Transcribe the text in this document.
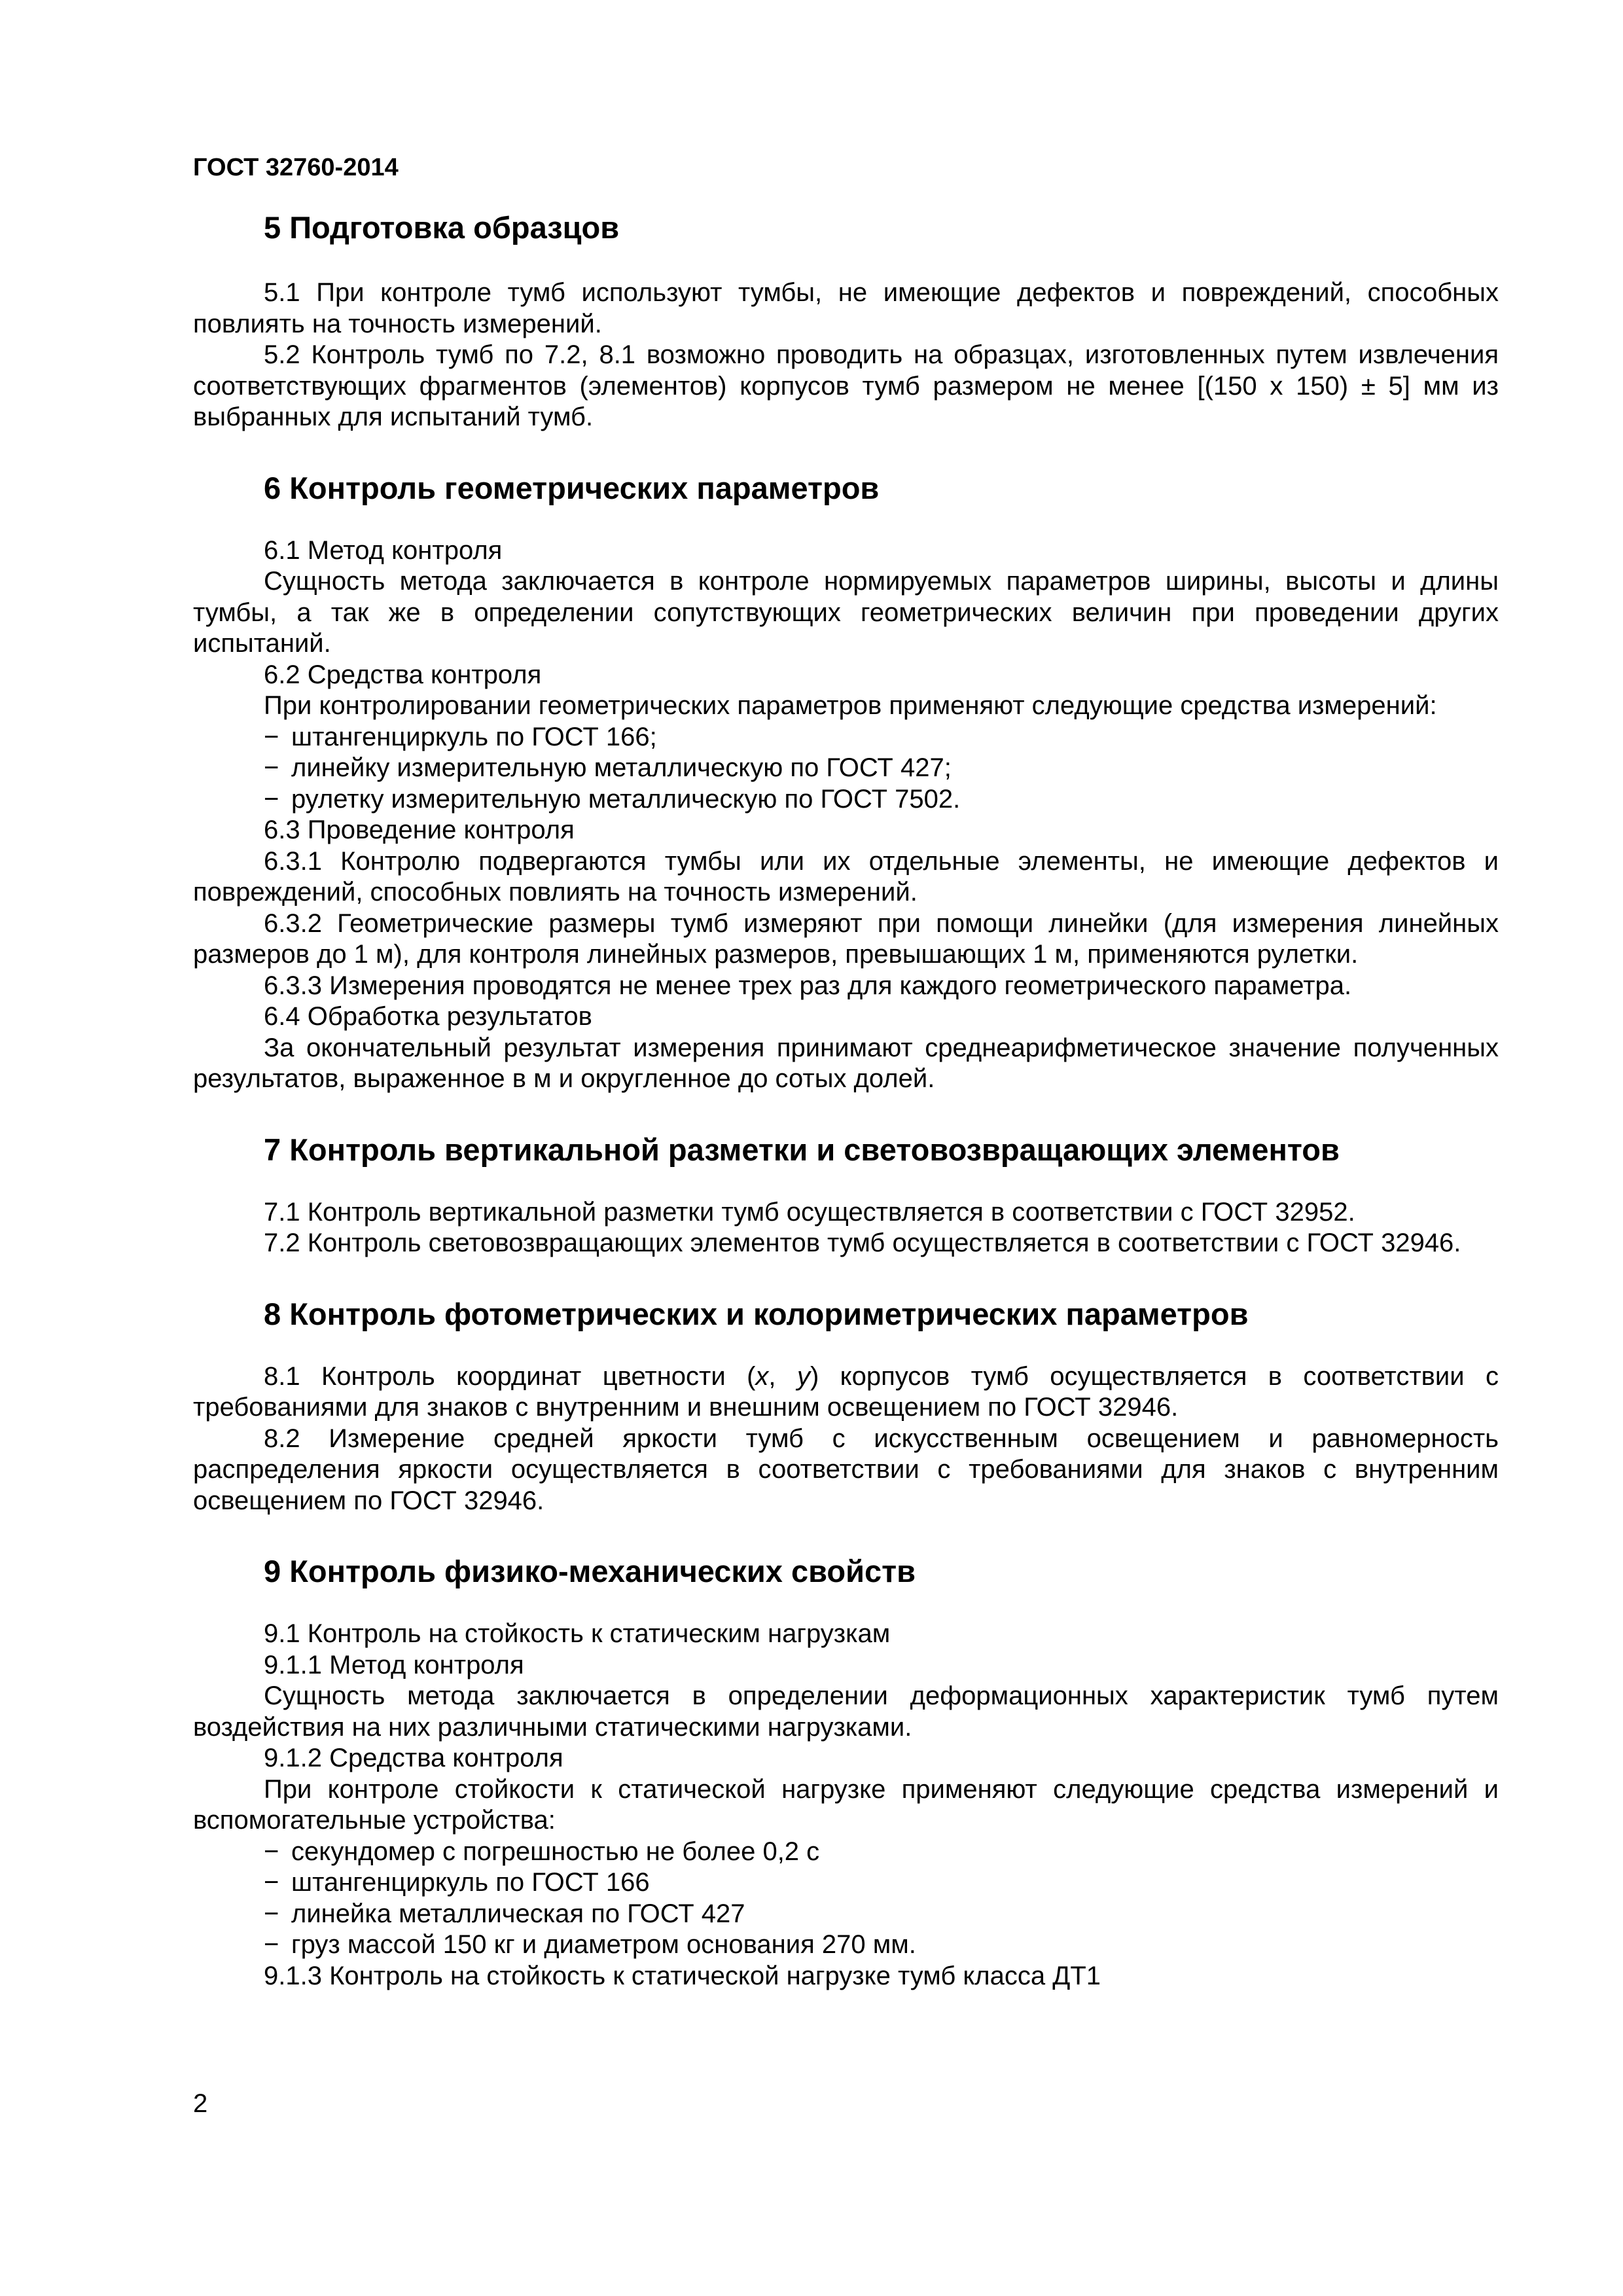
ГОСТ 32760-2014
5 Подготовка образцов

5.1 При контроле тумб используют тумбы, не имеющие дефектов и повреждений, способных повлиять на точность измерений.

5.2 Контроль тумб по 7.2, 8.1 возможно проводить на образцах, изготовленных путем извлечения соответствующих фрагментов (элементов) корпусов тумб размером не менее [(150 х 150) ± 5] мм из выбранных для испытаний тумб.

6 Контроль геометрических параметров

6.1 Метод контроля

Сущность метода заключается в контроле нормируемых параметров ширины, высоты и длины тумбы, а так же в определении сопутствующих геометрических величин при проведении других испытаний.

6.2 Средства контроля

При контролировании геометрических параметров применяют следующие средства измерений:

− штангенциркуль по ГОСТ 166;
− линейку измерительную металлическую по ГОСТ 427;
− рулетку измерительную металлическую по ГОСТ 7502.

6.3 Проведение контроля

6.3.1 Контролю подвергаются тумбы или их отдельные элементы, не имеющие дефектов и повреждений, способных повлиять на точность измерений.

6.3.2 Геометрические размеры тумб измеряют при помощи линейки (для измерения линейных размеров до 1 м), для контроля линейных размеров, превышающих 1 м, применяются рулетки.

6.3.3 Измерения проводятся не менее трех раз для каждого геометрического параметра.

6.4 Обработка результатов

За окончательный результат измерения принимают среднеарифметическое значение полученных результатов, выраженное в м и округленное до сотых долей.

7 Контроль вертикальной разметки и световозвращающих элементов

7.1 Контроль вертикальной разметки тумб осуществляется в соответствии с ГОСТ 32952.

7.2 Контроль световозвращающих элементов тумб осуществляется в соответствии с ГОСТ 32946.

8 Контроль фотометрических и колориметрических параметров

8.1 Контроль координат цветности (х, у) корпусов тумб осуществляется в соответствии с требованиями для знаков с внутренним и внешним освещением по ГОСТ 32946.

8.2 Измерение средней яркости тумб с искусственным освещением и равномерность распределения яркости осуществляется в соответствии с требованиями для знаков с внутренним освещением по ГОСТ 32946.

9 Контроль физико-механических свойств

9.1 Контроль на стойкость к статическим нагрузкам

9.1.1 Метод контроля

Сущность метода заключается в определении деформационных характеристик тумб путем воздействия на них различными статическими нагрузками.

9.1.2 Средства контроля

При контроле стойкости к статической нагрузке применяют следующие средства измерений и вспомогательные устройства:

− секундомер с погрешностью не более 0,2 с
− штангенциркуль по ГОСТ 166
− линейка металлическая по ГОСТ 427
− груз массой 150 кг и диаметром основания 270 мм.

9.1.3 Контроль на стойкость к статической нагрузке тумб класса ДТ1

2
